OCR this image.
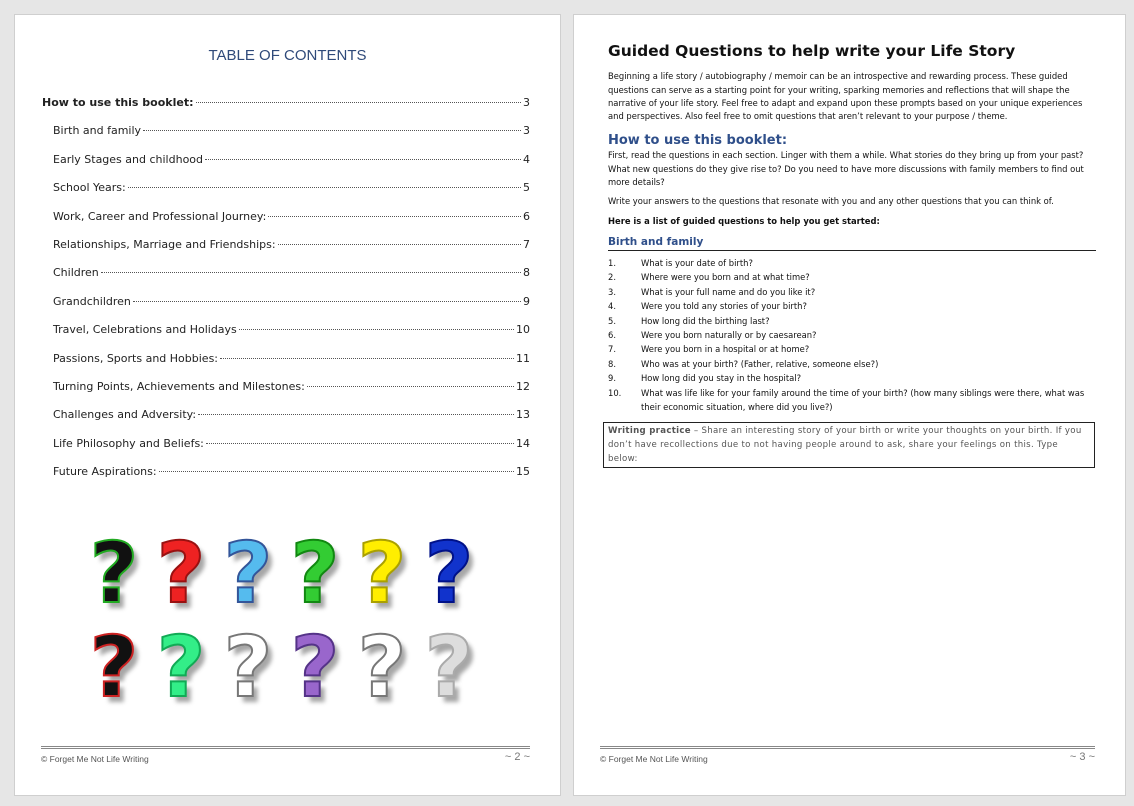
TABLE OF CONTENTS
How to use this booklet:	3
Birth and family	3
Early Stages and childhood	4
School Years:	5
Work, Career and Professional Journey:	6
Relationships, Marriage and Friendships:	7
Children	8
Grandchildren	9
Travel, Celebrations and Holidays	10
Passions, Sports and Hobbies:	11
Turning Points, Achievements and Milestones:	12
Challenges and Adversity:	13
Life Philosophy and Beliefs:	14
Future Aspirations:	15
? ? ? ? ? ?
? ? ? ? ? ?
© Forget Me Not Life Writing	~ 2 ~
Guided Questions to help write your Life Story

Beginning a life story / autobiography / memoir can be an introspective and rewarding process. These guided questions can serve as a starting point for your writing, sparking memories and reflections that will shape the narrative of your life story. Feel free to adapt and expand upon these prompts based on your unique experiences and perspectives. Also feel free to omit questions that aren’t relevant to your purpose / theme.

How to use this booklet:

First, read the questions in each section. Linger with them a while. What stories do they bring up from your past? What new questions do they give rise to? Do you need to have more discussions with family members to find out more details?

Write your answers to the questions that resonate with you and any other questions that you can think of.

Here is a list of guided questions to help you get started:

Birth and family
1.	What is your date of birth?
2.	Where were you born and at what time?
3.	What is your full name and do you like it?
4.	Were you told any stories of your birth?
5.	How long did the birthing last?
6.	Were you born naturally or by caesarean?
7.	Were you born in a hospital or at home?
8.	Who was at your birth? (Father, relative, someone else?)
9.	How long did you stay in the hospital?
10.	What was life like for your family around the time of your birth? (how many siblings were there, what was their economic situation, where did you live?)
Writing practice – Share an interesting story of your birth or write your thoughts on your birth. If you don’t have recollections due to not having people around to ask, share your feelings on this. Type below:
© Forget Me Not Life Writing	~ 3 ~
